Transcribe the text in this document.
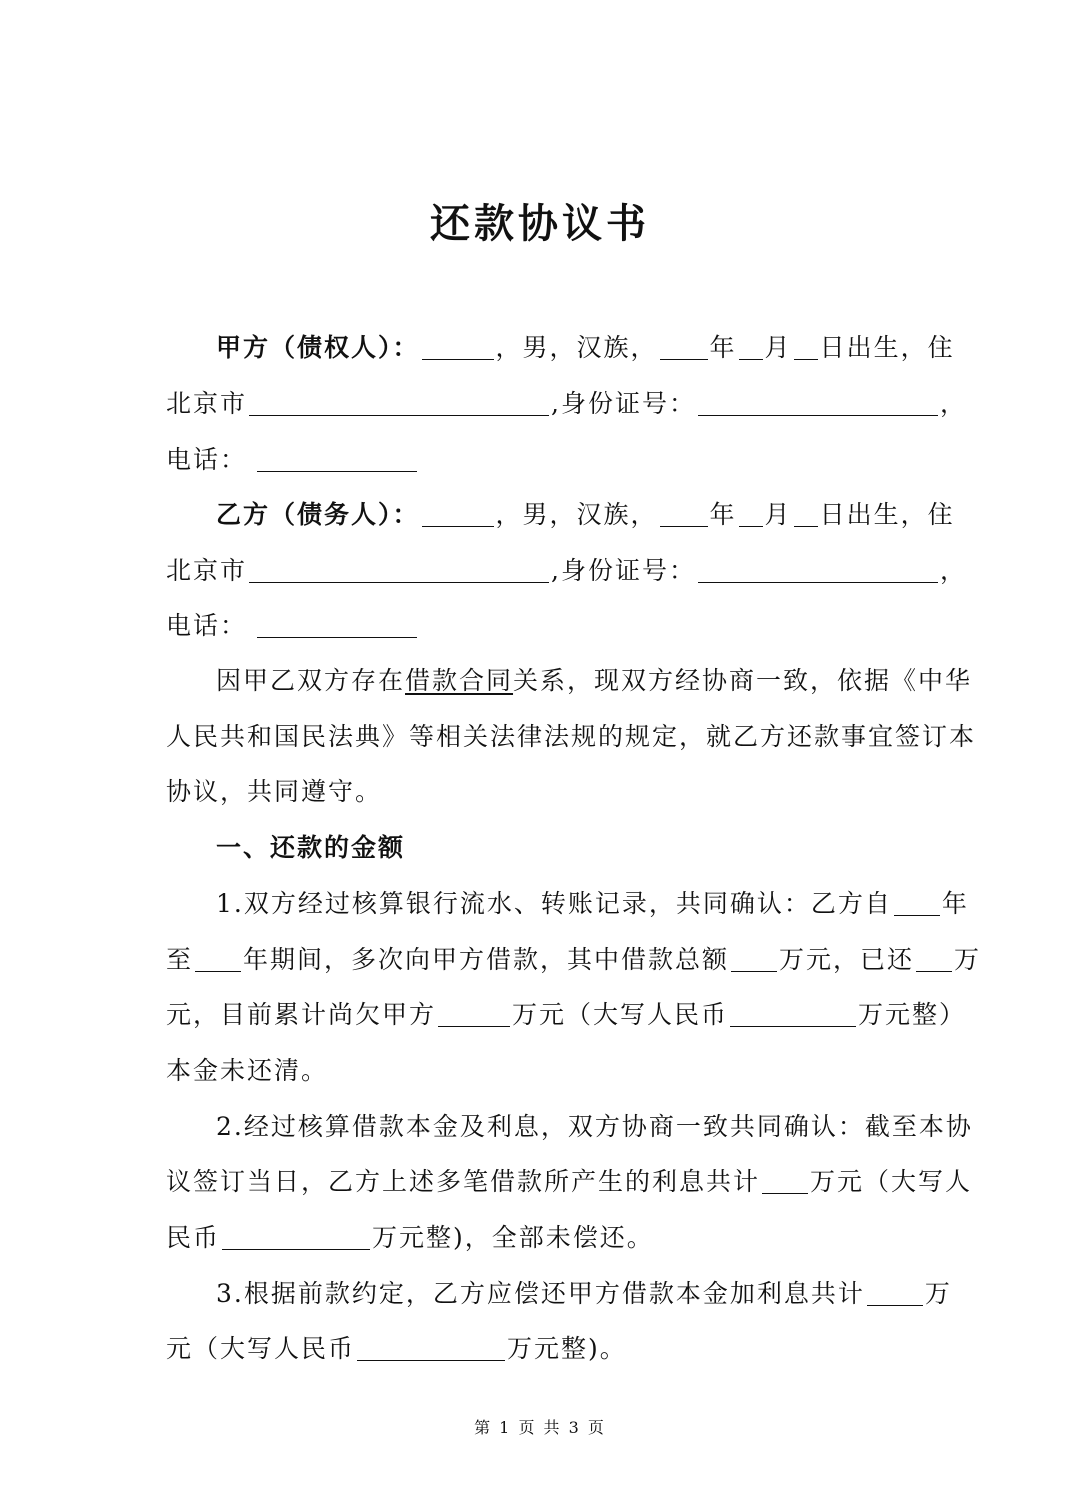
还款协议书
甲方（债权人）：	，男，汉族， 年 月 日出生，住
北京市	,身份证号：	，
电话：
乙方（债务人）：	，男，汉族， 年 月 日出生，住
北京市	,身份证号：	，
电话：
因甲乙双方存在借款合同关系，现双方经协商一致，依据《中华
人民共和国民法典》等相关法律法规的规定，就乙方还款事宜签订本
协议，共同遵守。
一、还款的金额
1.双方经过核算银行流水、转账记录，共同确认：乙方自 年
至 年期间，多次向甲方借款，其中借款总额 万元，已还 万
元，目前累计尚欠甲方	万元（大写人民币	万元整）
本金未还清。
2.经过核算借款本金及利息，双方协商一致共同确认：截至本协
议签订当日，乙方上述多笔借款所产生的利息共计 万元（大写人
民币	万元整)，全部未偿还。
3.根据前款约定，乙方应偿还甲方借款本金加利息共计 万
元（大写人民币	万元整)。
第 1 页 共 3 页
